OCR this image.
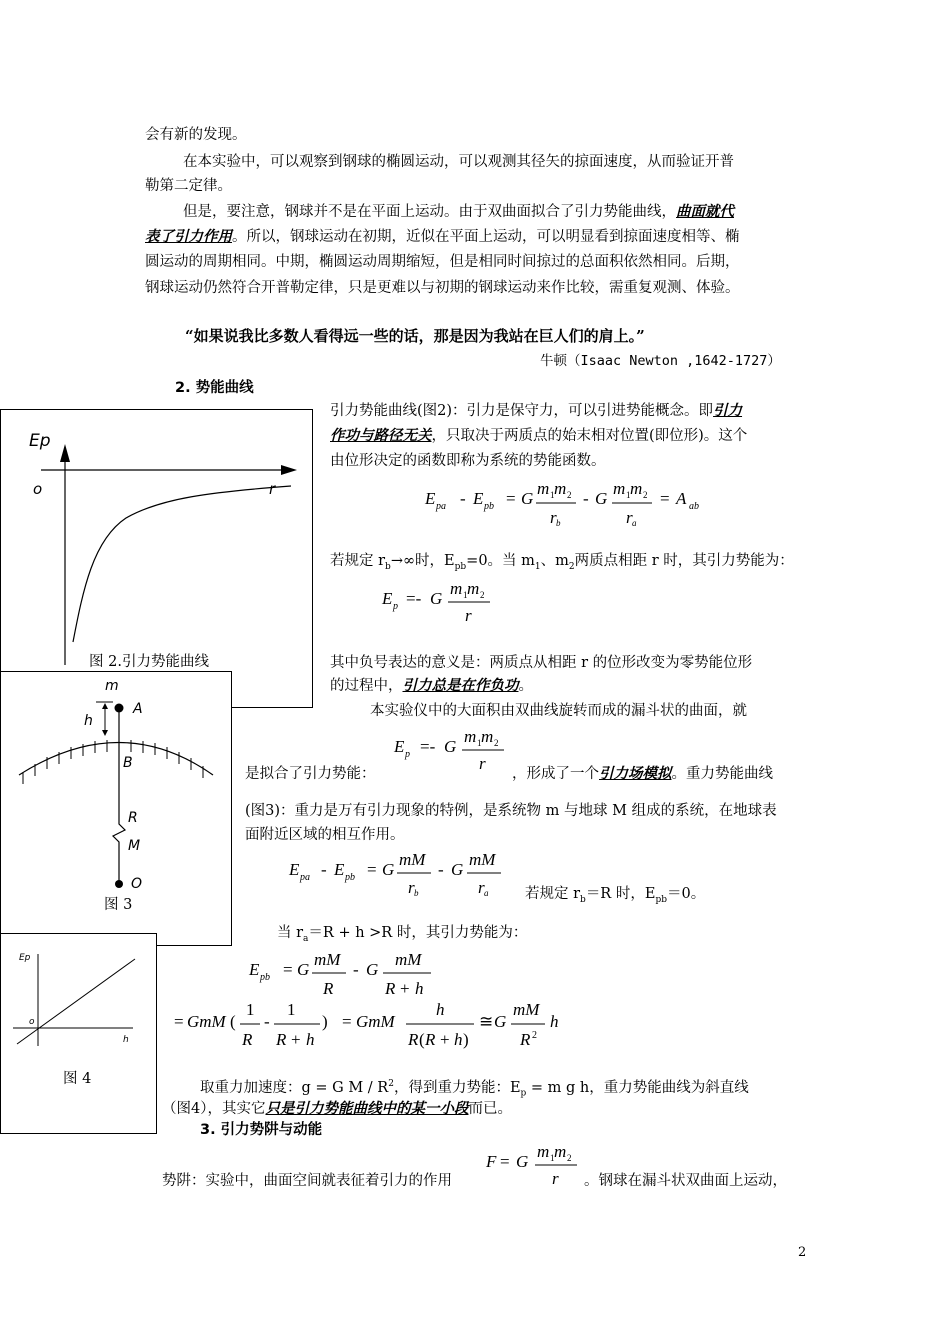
会有新的发现。
在本实验中，可以观察到钢球的椭圆运动，可以观测其径矢的掠面速度，从而验证开普
勒第二定律。
但是，要注意，钢球并不是在平面上运动。由于双曲面拟合了引力势能曲线，曲面就代
表了引力作用。所以，钢球运动在初期，近似在平面上运动，可以明显看到掠面速度相等、椭
圆运动的周期相同。中期，椭圆运动周期缩短，但是相同时间掠过的总面积依然相同。后期，
钢球运动仍然符合开普勒定律，只是更难以与初期的钢球运动来作比较，需重复观测、体验。
“如果说我比多数人看得远一些的话，那是因为我站在巨人们的肩上。”
牛顿（Isaac Newton ,1642-1727）
2. 势能曲线
Ep
o	r
图 2.引力势能曲线
m
h
A
B
R
M
O
图 3
Ep
o
h
图 4
引力势能曲线(图2)：引力是保守力，可以引进势能概念。即引力
作功与路径无关，只取决于两质点的始末相对位置(即位形)。这个
由位形决定的函数即称为系统的势能函数。
E pa - E pb = G
m 1 m 2
r b
- G
m 1 m 2
r a
= A ab
若规定 $r_b\to\infty$时，$E_{pb}=0$。当 $m_1$、$m_2$两质点相距 r 时，其引力势能为：
E p =- G
m 1 m 2
r
其中负号表达的意义是：两质点从相距 r 的位形改变为零势能位形
的过程中，引力总是在作负功。
本实验仪中的大面积由双曲线旋转而成的漏斗状的曲面，就
E p =- G
m 1 m 2
r
是拟合了引力势能：	，形成了一个引力场模拟。重力势能曲线
(图3)：重力是万有引力现象的特例，是系统物 m 与地球 M 组成的系统，在地球表
面附近区域的相互作用。
E pa - E pb = G
mM
r b
- G
mM
r a	若规定 $r_b=R$ 时，$E_{pb}=0$。
当 $r_a=R + h >R$ 时，其引力势能为：
E pb = G
mM
R
- G
mM
R + h
= GmM (
1
R
-
1
R + h
) = GmM
h
R ( R + h )
≅ G
mM
R 2
h
取重力加速度：g = G M / $R^2$，得到重力势能：$E_p = m$ g h，重力势能曲线为斜直线
（图4），其实它只是引力势能曲线中的某一小段而已。
3. 引力势阱与动能
F = G
m 1 m 2
r
势阱：实验中，曲面空间就表征着引力的作用	。钢球在漏斗状双曲面上运动，
2
